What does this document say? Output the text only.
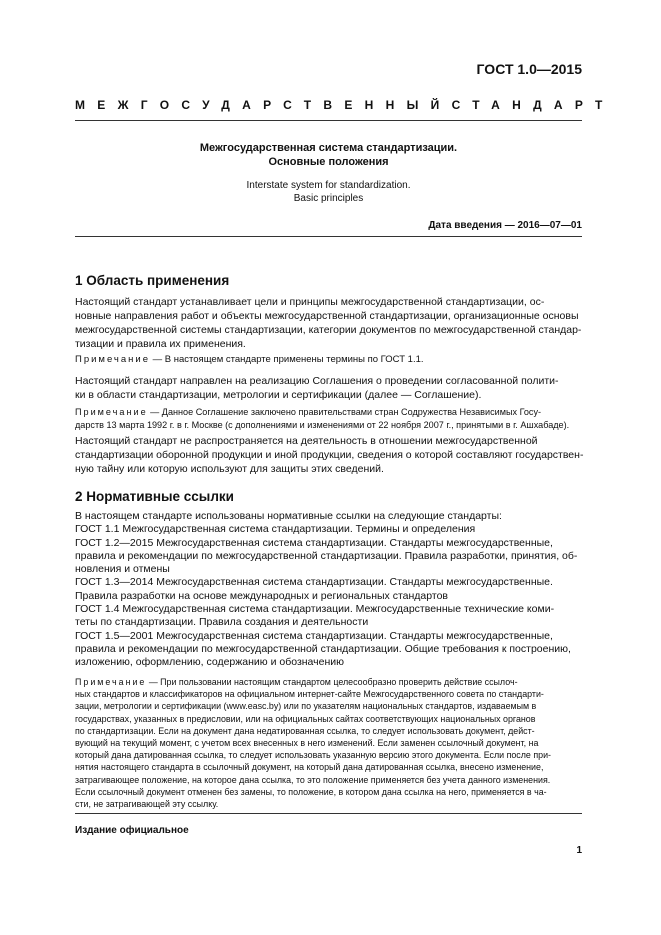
ГОСТ 1.0—2015
МЕЖГОСУДАРСТВЕННЫЙ СТАНДАРТ
Межгосударственная система стандартизации.
Основные положения
Interstate system for standardization.
Basic principles
Дата введения — 2016—07—01
1 Область применения
Настоящий стандарт устанавливает цели и принципы межгосударственной стандартизации, ос-
новные направления работ и объекты межгосударственной стандартизации, организационные основы
межгосударственной системы стандартизации, категории документов по межгосударственной стандар-
тизации и правила их применения.
Примечание — В настоящем стандарте применены термины по ГОСТ 1.1.
Настоящий стандарт направлен на реализацию Соглашения о проведении согласованной полити-
ки в области стандартизации, метрологии и сертификации (далее — Соглашение).
Примечание — Данное Соглашение заключено правительствами стран Содружества Независимых Госу-
дарств 13 марта 1992 г. в г. Москве (с дополнениями и изменениями от 22 ноября 2007 г., принятыми в г. Ашхабаде).
Настоящий стандарт не распространяется на деятельность в отношении межгосударственной
стандартизации оборонной продукции и иной продукции, сведения о которой составляют государствен-
ную тайну или которую используют для защиты этих сведений.
2 Нормативные ссылки
В настоящем стандарте использованы нормативные ссылки на следующие стандарты:
ГОСТ 1.1 Межгосударственная система стандартизации. Термины и определения
ГОСТ 1.2—2015 Межгосударственная система стандартизации. Стандарты межгосударственные,
правила и рекомендации по межгосударственной стандартизации. Правила разработки, принятия, об-
новления и отмены
ГОСТ 1.3—2014 Межгосударственная система стандартизации. Стандарты межгосударственные.
Правила разработки на основе международных и региональных стандартов
ГОСТ 1.4 Межгосударственная система стандартизации. Межгосударственные технические коми-
теты по стандартизации. Правила создания и деятельности
ГОСТ 1.5—2001 Межгосударственная система стандартизации. Стандарты межгосударственные,
правила и рекомендации по межгосударственной стандартизации. Общие требования к построению,
изложению, оформлению, содержанию и обозначению
Примечание — При пользовании настоящим стандартом целесообразно проверить действие ссылоч-
ных стандартов и классификаторов на официальном интернет-сайте Межгосударственного совета по стандарти-
зации, метрологии и сертификации (www.easc.by) или по указателям национальных стандартов, издаваемым в
государствах, указанных в предисловии, или на официальных сайтах соответствующих национальных органов
по стандартизации. Если на документ дана недатированная ссылка, то следует использовать документ, дейст-
вующий на текущий момент, с учетом всех внесенных в него изменений. Если заменен ссылочный документ, на
который дана датированная ссылка, то следует использовать указанную версию этого документа. Если после при-
нятия настоящего стандарта в ссылочный документ, на который дана датированная ссылка, внесено изменение,
затрагивающее положение, на которое дана ссылка, то это положение применяется без учета данного изменения.
Если ссылочный документ отменен без замены, то положение, в котором дана ссылка на него, применяется в ча-
сти, не затрагивающей эту ссылку.
Издание официальное
1
